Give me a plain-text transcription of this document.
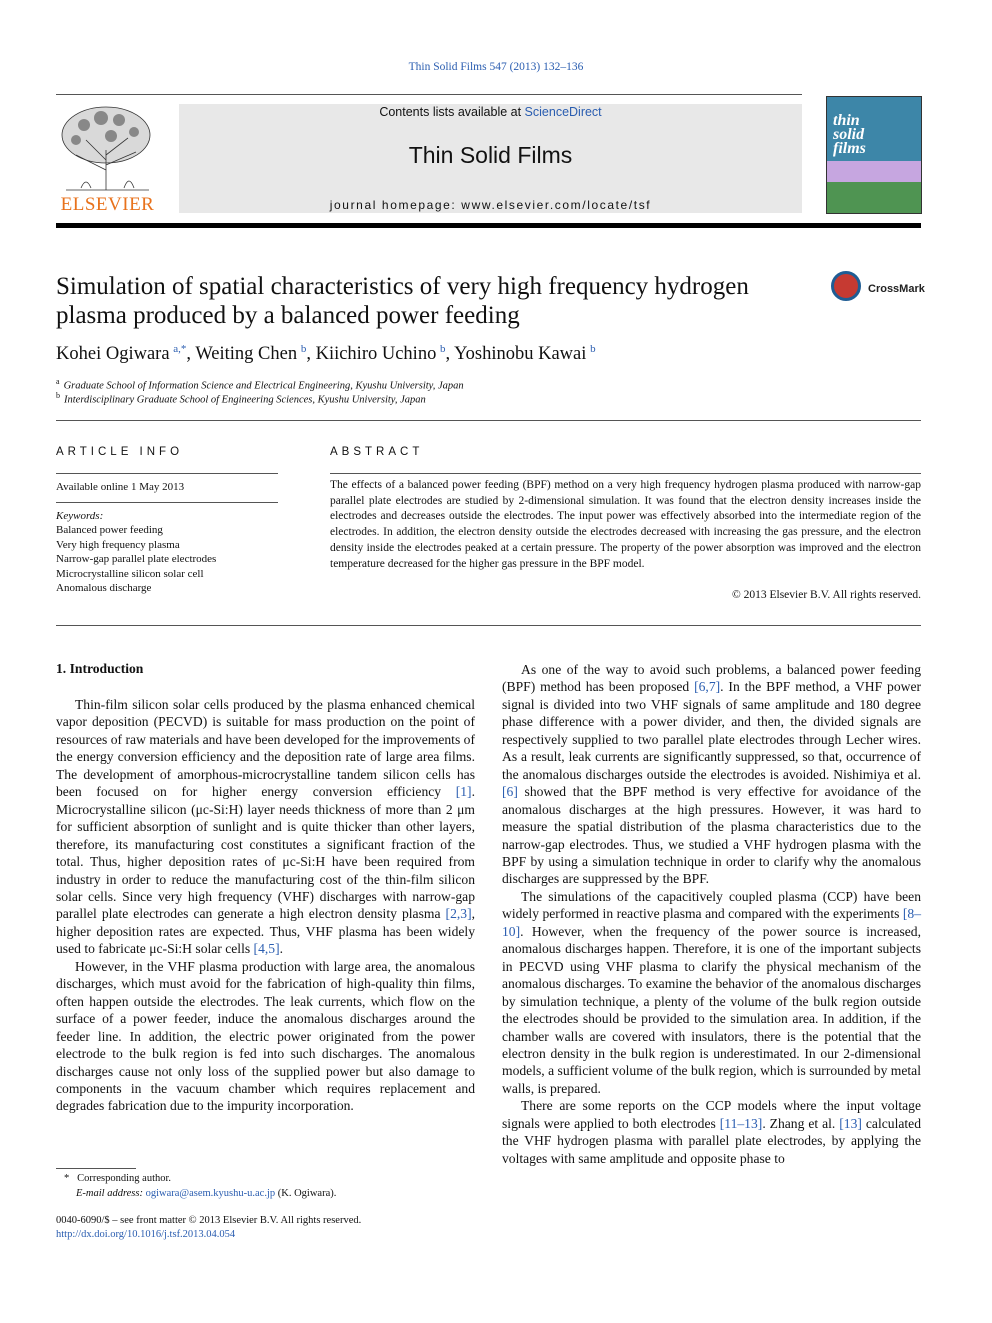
Thin Solid Films 547 (2013) 132–136
ELSEVIER
Contents lists available at ScienceDirect
Thin Solid Films
journal homepage: www.elsevier.com/locate/tsf
thin
solid
films
Simulation of spatial characteristics of very high frequency hydrogen
plasma produced by a balanced power feeding
CrossMark
Kohei Ogiwara  $^{a,*}$, Weiting Chen  $^b$, Kiichiro Uchino  $^b$, Yoshinobu Kawai  $^b$
$^a$ Graduate School of Information Science and Electrical Engineering, Kyushu University, Japan
$^b$ Interdisciplinary Graduate School of Engineering Sciences, Kyushu University, Japan
ARTICLE INFO
Available online 1 May 2013
Keywords:
Balanced power feeding
Very high frequency plasma
Narrow-gap parallel plate electrodes
Microcrystalline silicon solar cell
Anomalous discharge
ABSTRACT
The effects of a balanced power feeding (BPF) method on a very high frequency hydrogen plasma produced with narrow-gap parallel plate electrodes are studied by 2-dimensional simulation. It was found that the electron density increases inside the electrodes and decreases outside the electrodes. The input power was effectively absorbed into the intermediate region of the electrodes. In addition, the electron density outside the electrodes decreased with increasing the gas pressure, and the electron density inside the electrodes peaked at a certain pressure. The property of the power absorption was improved and the electron temperature decreased for the higher gas pressure in the BPF model.
© 2013 Elsevier B.V. All rights reserved.
1. Introduction

Thin-film silicon solar cells produced by the plasma enhanced chemical vapor deposition (PECVD) is suitable for mass production on the point of resources of raw materials and have been developed for the improvements of the energy conversion efficiency and the deposition rate of large area films. The development of amorphous-microcrystalline tandem silicon cells has been focused on for higher energy conversion efficiency [1]. Microcrystalline silicon (μc-Si:H) layer needs thickness of more than 2 μm for sufficient absorption of sunlight and is quite thicker than other layers, therefore, its manufacturing cost constitutes a significant fraction of the total. Thus, higher deposition rates of μc-Si:H have been required from industry in order to reduce the manufacturing cost of the thin-film silicon solar cells. Since very high frequency (VHF) discharges with narrow-gap parallel plate electrodes can generate a high electron density plasma [2,3], higher deposition rates are expected. Thus, VHF plasma has been widely used to fabricate μc-Si:H solar cells [4,5].

However, in the VHF plasma production with large area, the anomalous discharges, which must avoid for the fabrication of high-quality thin films, often happen outside the electrodes. The leak currents, which flow on the surface of a power feeder, induce the anomalous discharges around the feeder line. In addition, the electric power originated from the power electrode to the bulk region is fed into such discharges. The anomalous discharges cause not only loss of the supplied power but also damage to components in the vacuum chamber which requires replacement and degrades fabrication due to the impurity incorporation.

As one of the way to avoid such problems, a balanced power feeding (BPF) method has been proposed [6,7]. In the BPF method, a VHF power signal is divided into two VHF signals of same amplitude and 180 degree phase difference with a power divider, and then, the divided signals are respectively supplied to two parallel plate electrodes through Lecher wires. As a result, leak currents are significantly suppressed, so that, occurrence of the anomalous discharges outside the electrodes is avoided. Nishimiya et al. [6] showed that the BPF method is very effective for avoidance of the anomalous discharges at the high pressures. However, it was hard to measure the spatial distribution of the plasma characteristics due to the narrow-gap electrodes. Thus, we studied a VHF hydrogen plasma with the BPF by using a simulation technique in order to clarify why the anomalous discharges are suppressed by the BPF.

The simulations of the capacitively coupled plasma (CCP) have been widely performed in reactive plasma and compared with the experiments [8–10]. However, when the frequency of the power source is increased, anomalous discharges happen. Therefore, it is one of the important subjects in PECVD using VHF plasma to clarify the physical mechanism of the anomalous discharges. To examine the behavior of the anomalous discharges by simulation technique, a plenty of the volume of the bulk region outside the electrodes should be provided to the simulation area. In addition, if the chamber walls are covered with insulators, there is the potential that the electron density in the bulk region is underestimated. In our 2-dimensional models, a sufficient volume of the bulk region, which is surrounded by metal walls, is prepared.

There are some reports on the CCP models where the input voltage signals were applied to both electrodes [11–13]. Zhang et al. [13] calculated the VHF hydrogen plasma with parallel plate electrodes, by applying the voltages with same amplitude and opposite phase to

* Corresponding author.
E-mail address: ogiwara@asem.kyushu-u.ac.jp (K. Ogiwara).
0040-6090/$ – see front matter © 2013 Elsevier B.V. All rights reserved.
http://dx.doi.org/10.1016/j.tsf.2013.04.054
